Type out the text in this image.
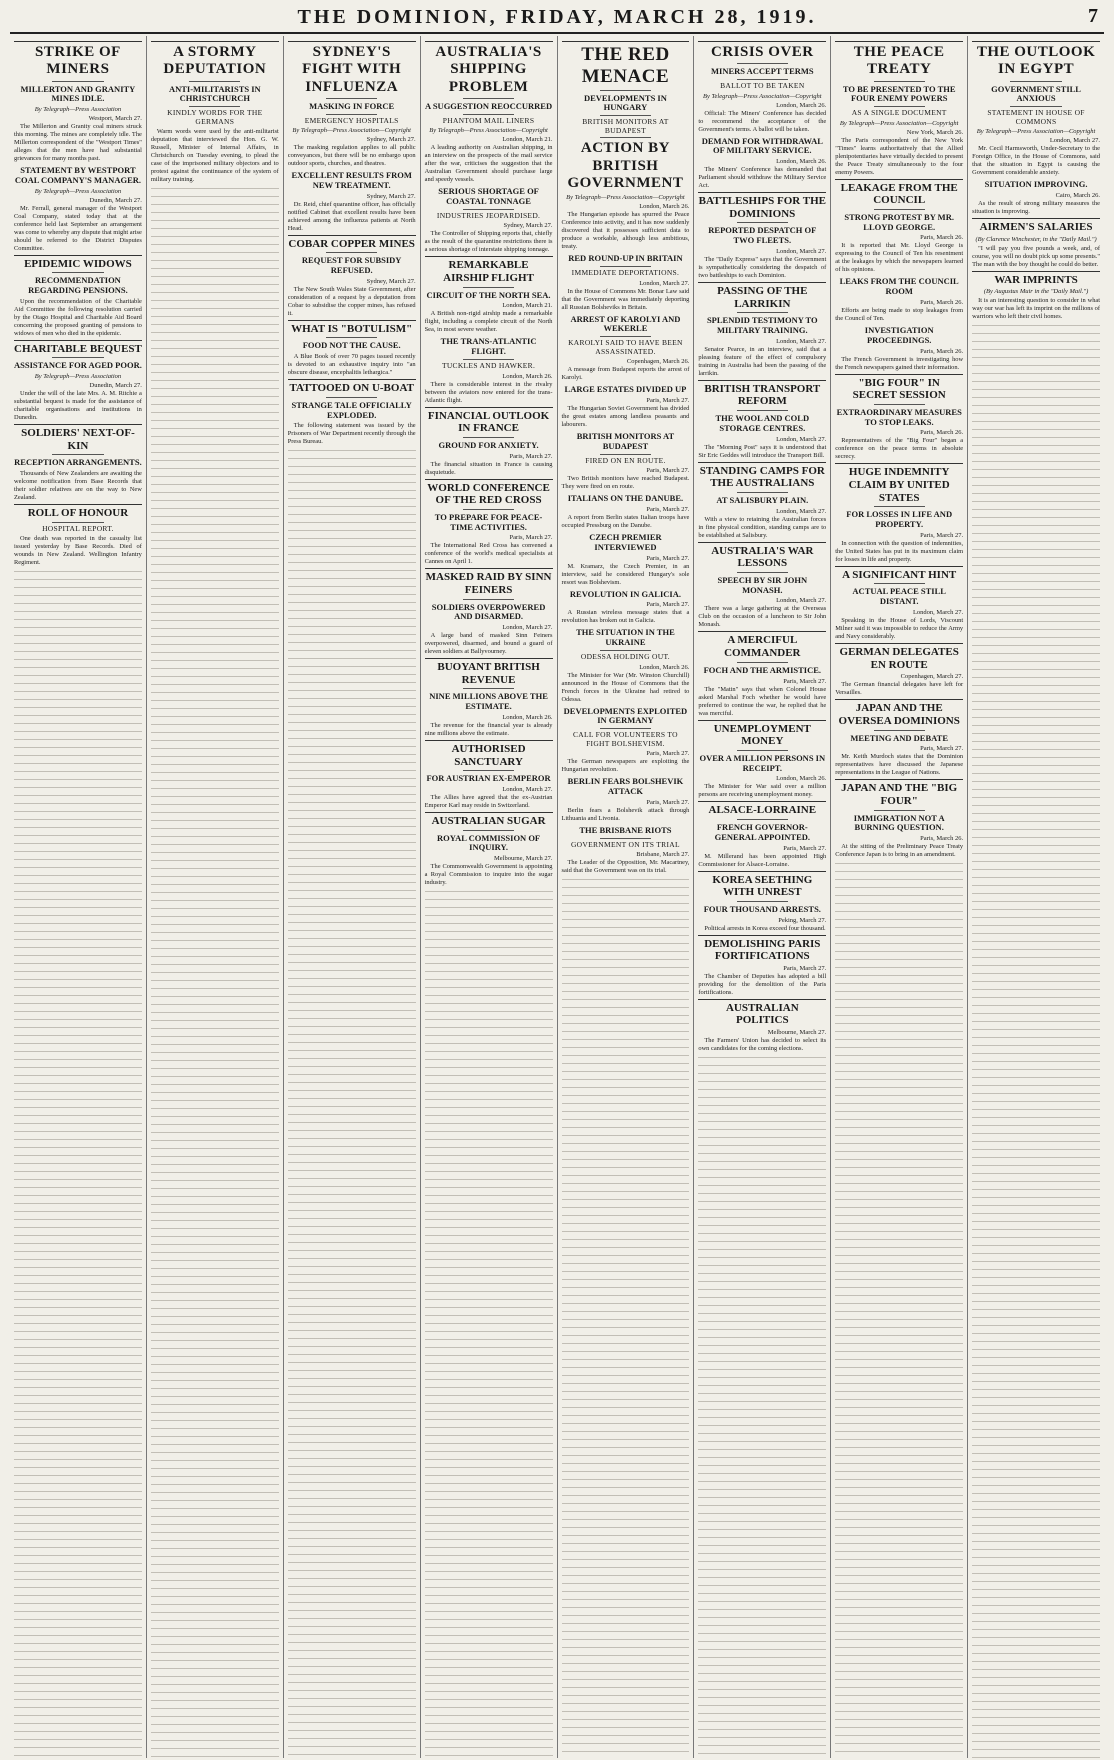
THE DOMINION, FRIDAY, MARCH 28, 1919.	7
STRIKE OF MINERS
MILLERTON AND GRANITY MINES IDLE.
By Telegraph—Press Association
Westport, March 27.

The Millerton and Granity coal miners struck this morning. The mines are completely idle. The Millerton correspondent of the "Westport Times" alleges that the men have had substantial grievances for many months past.

STATEMENT BY WESTPORT COAL COMPANY'S MANAGER.
By Telegraph—Press Association
Dunedin, March 27.

Mr. Ferrall, general manager of the Westport Coal Company, stated today that at the conference held last September an arrangement was come to whereby any dispute that might arise should be referred to the District Disputes Committee.

EPIDEMIC WIDOWS
RECOMMENDATION REGARDING PENSIONS.

Upon the recommendation of the Charitable Aid Committee the following resolution carried by the Otago Hospital and Charitable Aid Board concerning the proposed granting of pensions to widows of men who died in the epidemic.

CHARITABLE BEQUEST
ASSISTANCE FOR AGED POOR.
By Telegraph—Press Association
Dunedin, March 27.

Under the will of the late Mrs. A. M. Ritchie a substantial bequest is made for the assistance of charitable organisations and institutions in Dunedin.

SOLDIERS' NEXT-OF-KIN
RECEPTION ARRANGEMENTS.

Thousands of New Zealanders are awaiting the welcome notification from Base Records that their soldier relatives are on the way to New Zealand.

ROLL OF HONOUR
HOSPITAL REPORT.

One death was reported in the casualty list issued yesterday by Base Records. Died of wounds in New Zealand. Wellington Infantry Regiment.

A STORMY DEPUTATION
ANTI-MILITARISTS IN CHRISTCHURCH
KINDLY WORDS FOR THE GERMANS

Warm words were used by the anti-militarist deputation that interviewed the Hon. G. W. Russell, Minister of Internal Affairs, in Christchurch on Tuesday evening, to plead the case of the imprisoned military objectors and to protest against the continuance of the system of military training.

SYDNEY'S FIGHT WITH INFLUENZA
MASKING IN FORCE
EMERGENCY HOSPITALS
By Telegraph—Press Association—Copyright
Sydney, March 27.

The masking regulation applies to all public conveyances, but there will be no embargo upon outdoor sports, churches, and theatres.

EXCELLENT RESULTS FROM NEW TREATMENT.
Sydney, March 27.

Dr. Reid, chief quarantine officer, has officially notified Cabinet that excellent results have been achieved among the influenza patients at North Head.

COBAR COPPER MINES
REQUEST FOR SUBSIDY REFUSED.
Sydney, March 27.

The New South Wales State Government, after consideration of a request by a deputation from Cobar to subsidise the copper mines, has refused it.

WHAT IS "BOTULISM"
FOOD NOT THE CAUSE.

A Blue Book of over 70 pages issued recently is devoted to an exhaustive inquiry into "an obscure disease, encephalitis lethargica."

TATTOOED ON U-BOAT
STRANGE TALE OFFICIALLY EXPLODED.

The following statement was issued by the Prisoners of War Department recently through the Press Bureau.

AUSTRALIA'S SHIPPING PROBLEM
A SUGGESTION REOCCURRED
PHANTOM MAIL LINERS
By Telegraph—Press Association—Copyright
London, March 21.

A leading authority on Australian shipping, in an interview on the prospects of the mail service after the war, criticises the suggestion that the Australian Government should purchase large and speedy vessels.

SERIOUS SHORTAGE OF COASTAL TONNAGE
INDUSTRIES JEOPARDISED.
Sydney, March 27.

The Controller of Shipping reports that, chiefly as the result of the quarantine restrictions there is a serious shortage of interstate shipping tonnage.

REMARKABLE AIRSHIP FLIGHT
CIRCUIT OF THE NORTH SEA.
London, March 21.

A British non-rigid airship made a remarkable flight, including a complete circuit of the North Sea, in most severe weather.

THE TRANS-ATLANTIC FLIGHT.
TUCKLES AND HAWKER.
London, March 26.

There is considerable interest in the rivalry between the aviators now entered for the trans-Atlantic flight.

FINANCIAL OUTLOOK IN FRANCE
GROUND FOR ANXIETY.
Paris, March 27.

The financial situation in France is causing disquietude.

WORLD CONFERENCE OF THE RED CROSS
TO PREPARE FOR PEACE-TIME ACTIVITIES.
Paris, March 27.

The International Red Cross has convened a conference of the world's medical specialists at Cannes on April 1.

MASKED RAID BY SINN FEINERS
SOLDIERS OVERPOWERED AND DISARMED.
London, March 27.

A large band of masked Sinn Feiners overpowered, disarmed, and bound a guard of eleven soldiers at Ballyvourney.

BUOYANT BRITISH REVENUE
NINE MILLIONS ABOVE THE ESTIMATE.
London, March 26.

The revenue for the financial year is already nine millions above the estimate.

AUTHORISED SANCTUARY
FOR AUSTRIAN EX-EMPEROR
London, March 27.

The Allies have agreed that the ex-Austrian Emperor Karl may reside in Switzerland.

AUSTRALIAN SUGAR
ROYAL COMMISSION OF INQUIRY.
Melbourne, March 27.

The Commonwealth Government is appointing a Royal Commission to inquire into the sugar industry.

THE RED MENACE
DEVELOPMENTS IN HUNGARY
BRITISH MONITORS AT BUDAPEST
ACTION BY BRITISH GOVERNMENT
By Telegraph—Press Association—Copyright
London, March 26.

The Hungarian episode has spurred the Peace Conference into activity, and it has now suddenly discovered that it possesses sufficient data to produce a workable, although less ambitious, treaty.

RED ROUND-UP IN BRITAIN
IMMEDIATE DEPORTATIONS.
London, March 27.

In the House of Commons Mr. Bonar Law said that the Government was immediately deporting all Russian Bolsheviks in Britain.

ARREST OF KAROLYI AND WEKERLE
KAROLYI SAID TO HAVE BEEN ASSASSINATED.
Copenhagen, March 26.

A message from Budapest reports the arrest of Karolyi.

LARGE ESTATES DIVIDED UP
Paris, March 27.

The Hungarian Soviet Government has divided the great estates among landless peasants and labourers.

BRITISH MONITORS AT BUDAPEST
FIRED ON EN ROUTE.
Paris, March 27.

Two British monitors have reached Budapest. They were fired on en route.

ITALIANS ON THE DANUBE.
Paris, March 27.

A report from Berlin states Italian troops have occupied Pressburg on the Danube.

CZECH PREMIER INTERVIEWED
Paris, March 27.

M. Kramarz, the Czech Premier, in an interview, said he considered Hungary's sole resort was Bolshevism.

REVOLUTION IN GALICIA.
Paris, March 27.

A Russian wireless message states that a revolution has broken out in Galicia.

THE SITUATION IN THE UKRAINE
ODESSA HOLDING OUT.
London, March 26.

The Minister for War (Mr. Winston Churchill) announced in the House of Commons that the French forces in the Ukraine had retired to Odessa.

DEVELOPMENTS EXPLOITED IN GERMANY
CALL FOR VOLUNTEERS TO FIGHT BOLSHEVISM.
Paris, March 27.

The German newspapers are exploiting the Hungarian revolution.

BERLIN FEARS BOLSHEVIK ATTACK
Paris, March 27.

Berlin fears a Bolshevik attack through Lithuania and Livonia.

THE BRISBANE RIOTS
GOVERNMENT ON ITS TRIAL
Brisbane, March 27.

The Leader of the Opposition, Mr. Macartney, said that the Government was on its trial.

CRISIS OVER
MINERS ACCEPT TERMS
BALLOT TO BE TAKEN
By Telegraph—Press Association—Copyright
London, March 26.

Official: The Miners' Conference has decided to recommend the acceptance of the Government's terms. A ballot will be taken.

DEMAND FOR WITHDRAWAL OF MILITARY SERVICE.
London, March 26.

The Miners' Conference has demanded that Parliament should withdraw the Military Service Act.

BATTLESHIPS FOR THE DOMINIONS
REPORTED DESPATCH OF TWO FLEETS.
London, March 27.

The "Daily Express" says that the Government is sympathetically considering the despatch of two battleships to each Dominion.

PASSING OF THE LARRIKIN
SPLENDID TESTIMONY TO MILITARY TRAINING.
London, March 27.

Senator Pearce, in an interview, said that a pleasing feature of the effect of compulsory training in Australia had been the passing of the larrikin.

BRITISH TRANSPORT REFORM
THE WOOL AND COLD STORAGE CENTRES.
London, March 27.

The "Morning Post" says it is understood that Sir Eric Geddes will introduce the Transport Bill.

STANDING CAMPS FOR THE AUSTRALIANS
AT SALISBURY PLAIN.
London, March 27.

With a view to retaining the Australian forces in fine physical condition, standing camps are to be established at Salisbury.

AUSTRALIA'S WAR LESSONS
SPEECH BY SIR JOHN MONASH.
London, March 27.

There was a large gathering at the Overseas Club on the occasion of a luncheon to Sir John Monash.

A MERCIFUL COMMANDER
FOCH AND THE ARMISTICE.
Paris, March 27.

The "Matin" says that when Colonel House asked Marshal Foch whether he would have preferred to continue the war, he replied that he was merciful.

UNEMPLOYMENT MONEY
OVER A MILLION PERSONS IN RECEIPT.
London, March 26.

The Minister for War said over a million persons are receiving unemployment money.

ALSACE-LORRAINE
FRENCH GOVERNOR-GENERAL APPOINTED.
Paris, March 27.

M. Millerand has been appointed High Commissioner for Alsace-Lorraine.

KOREA SEETHING WITH UNREST
FOUR THOUSAND ARRESTS.
Peking, March 27.

Political arrests in Korea exceed four thousand.

DEMOLISHING PARIS FORTIFICATIONS
Paris, March 27.

The Chamber of Deputies has adopted a bill providing for the demolition of the Paris fortifications.

AUSTRALIAN POLITICS
Melbourne, March 27.

The Farmers' Union has decided to select its own candidates for the coming elections.

THE PEACE TREATY
TO BE PRESENTED TO THE FOUR ENEMY POWERS
AS A SINGLE DOCUMENT
By Telegraph—Press Association—Copyright
New York, March 26.

The Paris correspondent of the New York "Times" learns authoritatively that the Allied plenipotentiaries have virtually decided to present the Peace Treaty simultaneously to the four enemy Powers.

LEAKAGE FROM THE COUNCIL
STRONG PROTEST BY MR. LLOYD GEORGE.
Paris, March 26.

It is reported that Mr. Lloyd George is expressing to the Council of Ten his resentment at the leakages by which the newspapers learned of his opinions.

LEAKS FROM THE COUNCIL ROOM
Paris, March 26.

Efforts are being made to stop leakages from the Council of Ten.

INVESTIGATION PROCEEDINGS.
Paris, March 26.

The French Government is investigating how the French newspapers gained their information.

"BIG FOUR" IN SECRET SESSION
EXTRAORDINARY MEASURES TO STOP LEAKS.
Paris, March 26.

Representatives of the "Big Four" began a conference on the peace terms in absolute secrecy.

HUGE INDEMNITY CLAIM BY UNITED STATES
FOR LOSSES IN LIFE AND PROPERTY.
Paris, March 27.

In connection with the question of indemnities, the United States has put in its maximum claim for losses in life and property.

A SIGNIFICANT HINT
ACTUAL PEACE STILL DISTANT.
London, March 27.

Speaking in the House of Lords, Viscount Milner said it was impossible to reduce the Army and Navy considerably.

GERMAN DELEGATES EN ROUTE
Copenhagen, March 27.

The German financial delegates have left for Versailles.

JAPAN AND THE OVERSEA DOMINIONS
MEETING AND DEBATE
Paris, March 27.

Mr. Keith Murdoch states that the Dominion representatives have discussed the Japanese representations in the League of Nations.

JAPAN AND THE "BIG FOUR"
IMMIGRATION NOT A BURNING QUESTION.
Paris, March 26.

At the sitting of the Preliminary Peace Treaty Conference Japan is to bring in an amendment.

THE OUTLOOK IN EGYPT
GOVERNMENT STILL ANXIOUS
STATEMENT IN HOUSE OF COMMONS
By Telegraph—Press Association—Copyright
London, March 27.

Mr. Cecil Harmsworth, Under-Secretary to the Foreign Office, in the House of Commons, said that the situation in Egypt is causing the Government considerable anxiety.

SITUATION IMPROVING.
Cairo, March 26.

As the result of strong military measures the situation is improving.

AIRMEN'S SALARIES
(By Clarence Winchester, in the "Daily Mail.")

"I will pay you five pounds a week, and, of course, you will no doubt pick up some presents." The man with the boy thought he could do better.

WAR IMPRINTS
(By Augustus Muir in the "Daily Mail.")

It is an interesting question to consider in what way our war has left its imprint on the millions of warriors who left their civil homes.
